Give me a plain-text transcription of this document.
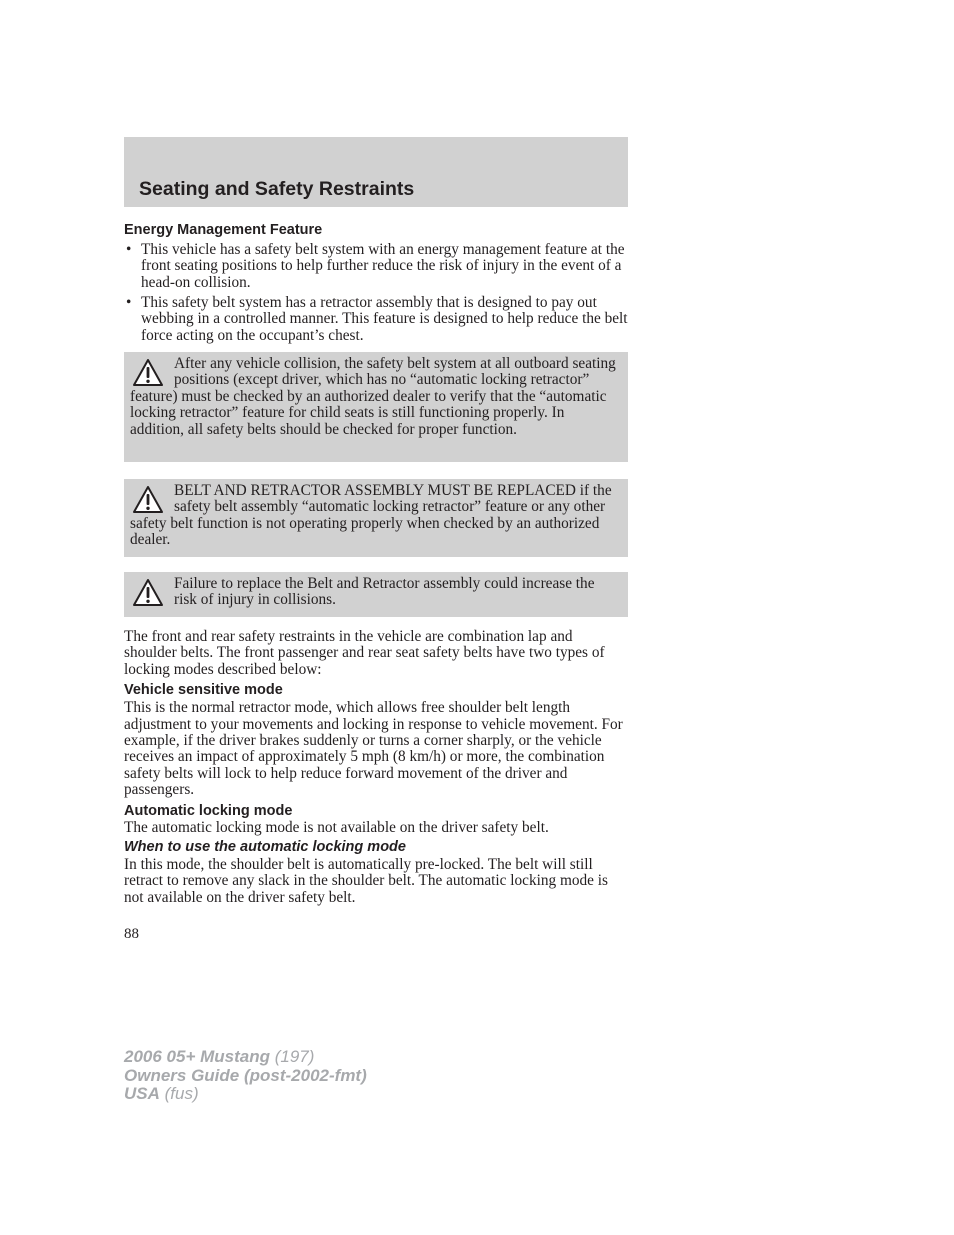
Seating and Safety Restraints
Energy Management Feature
• This vehicle has a safety belt system with an energy management feature at the front seating positions to help further reduce the risk of injury in the event of a head-on collision.
• This safety belt system has a retractor assembly that is designed to pay out webbing in a controlled manner. This feature is designed to help reduce the belt force acting on the occupant’s chest.

After any vehicle collision, the safety belt system at all outboard seating positions (except driver, which has no “automatic locking retractor” feature) must be checked by an authorized dealer to verify that the “automatic locking retractor” feature for child seats is still functioning properly. In addition, all safety belts should be checked for proper function.

BELT AND RETRACTOR ASSEMBLY MUST BE REPLACED if the safety belt assembly “automatic locking retractor” feature or any other safety belt function is not operating properly when checked by an authorized dealer.

Failure to replace the Belt and Retractor assembly could increase the risk of injury in collisions.

The front and rear safety restraints in the vehicle are combination lap and shoulder belts. The front passenger and rear seat safety belts have two types of locking modes described below:

Vehicle sensitive mode

This is the normal retractor mode, which allows free shoulder belt length adjustment to your movements and locking in response to vehicle movement. For example, if the driver brakes suddenly or turns a corner sharply, or the vehicle receives an impact of approximately 5 mph (8 km/h) or more, the combination safety belts will lock to help reduce forward movement of the driver and passengers.

Automatic locking mode

The automatic locking mode is not available on the driver safety belt.

When to use the automatic locking mode

In this mode, the shoulder belt is automatically pre-locked. The belt will still retract to remove any slack in the shoulder belt. The automatic locking mode is not available on the driver safety belt.

88
2006 05+ Mustang (197)
Owners Guide (post-2002-fmt)
USA (fus)
